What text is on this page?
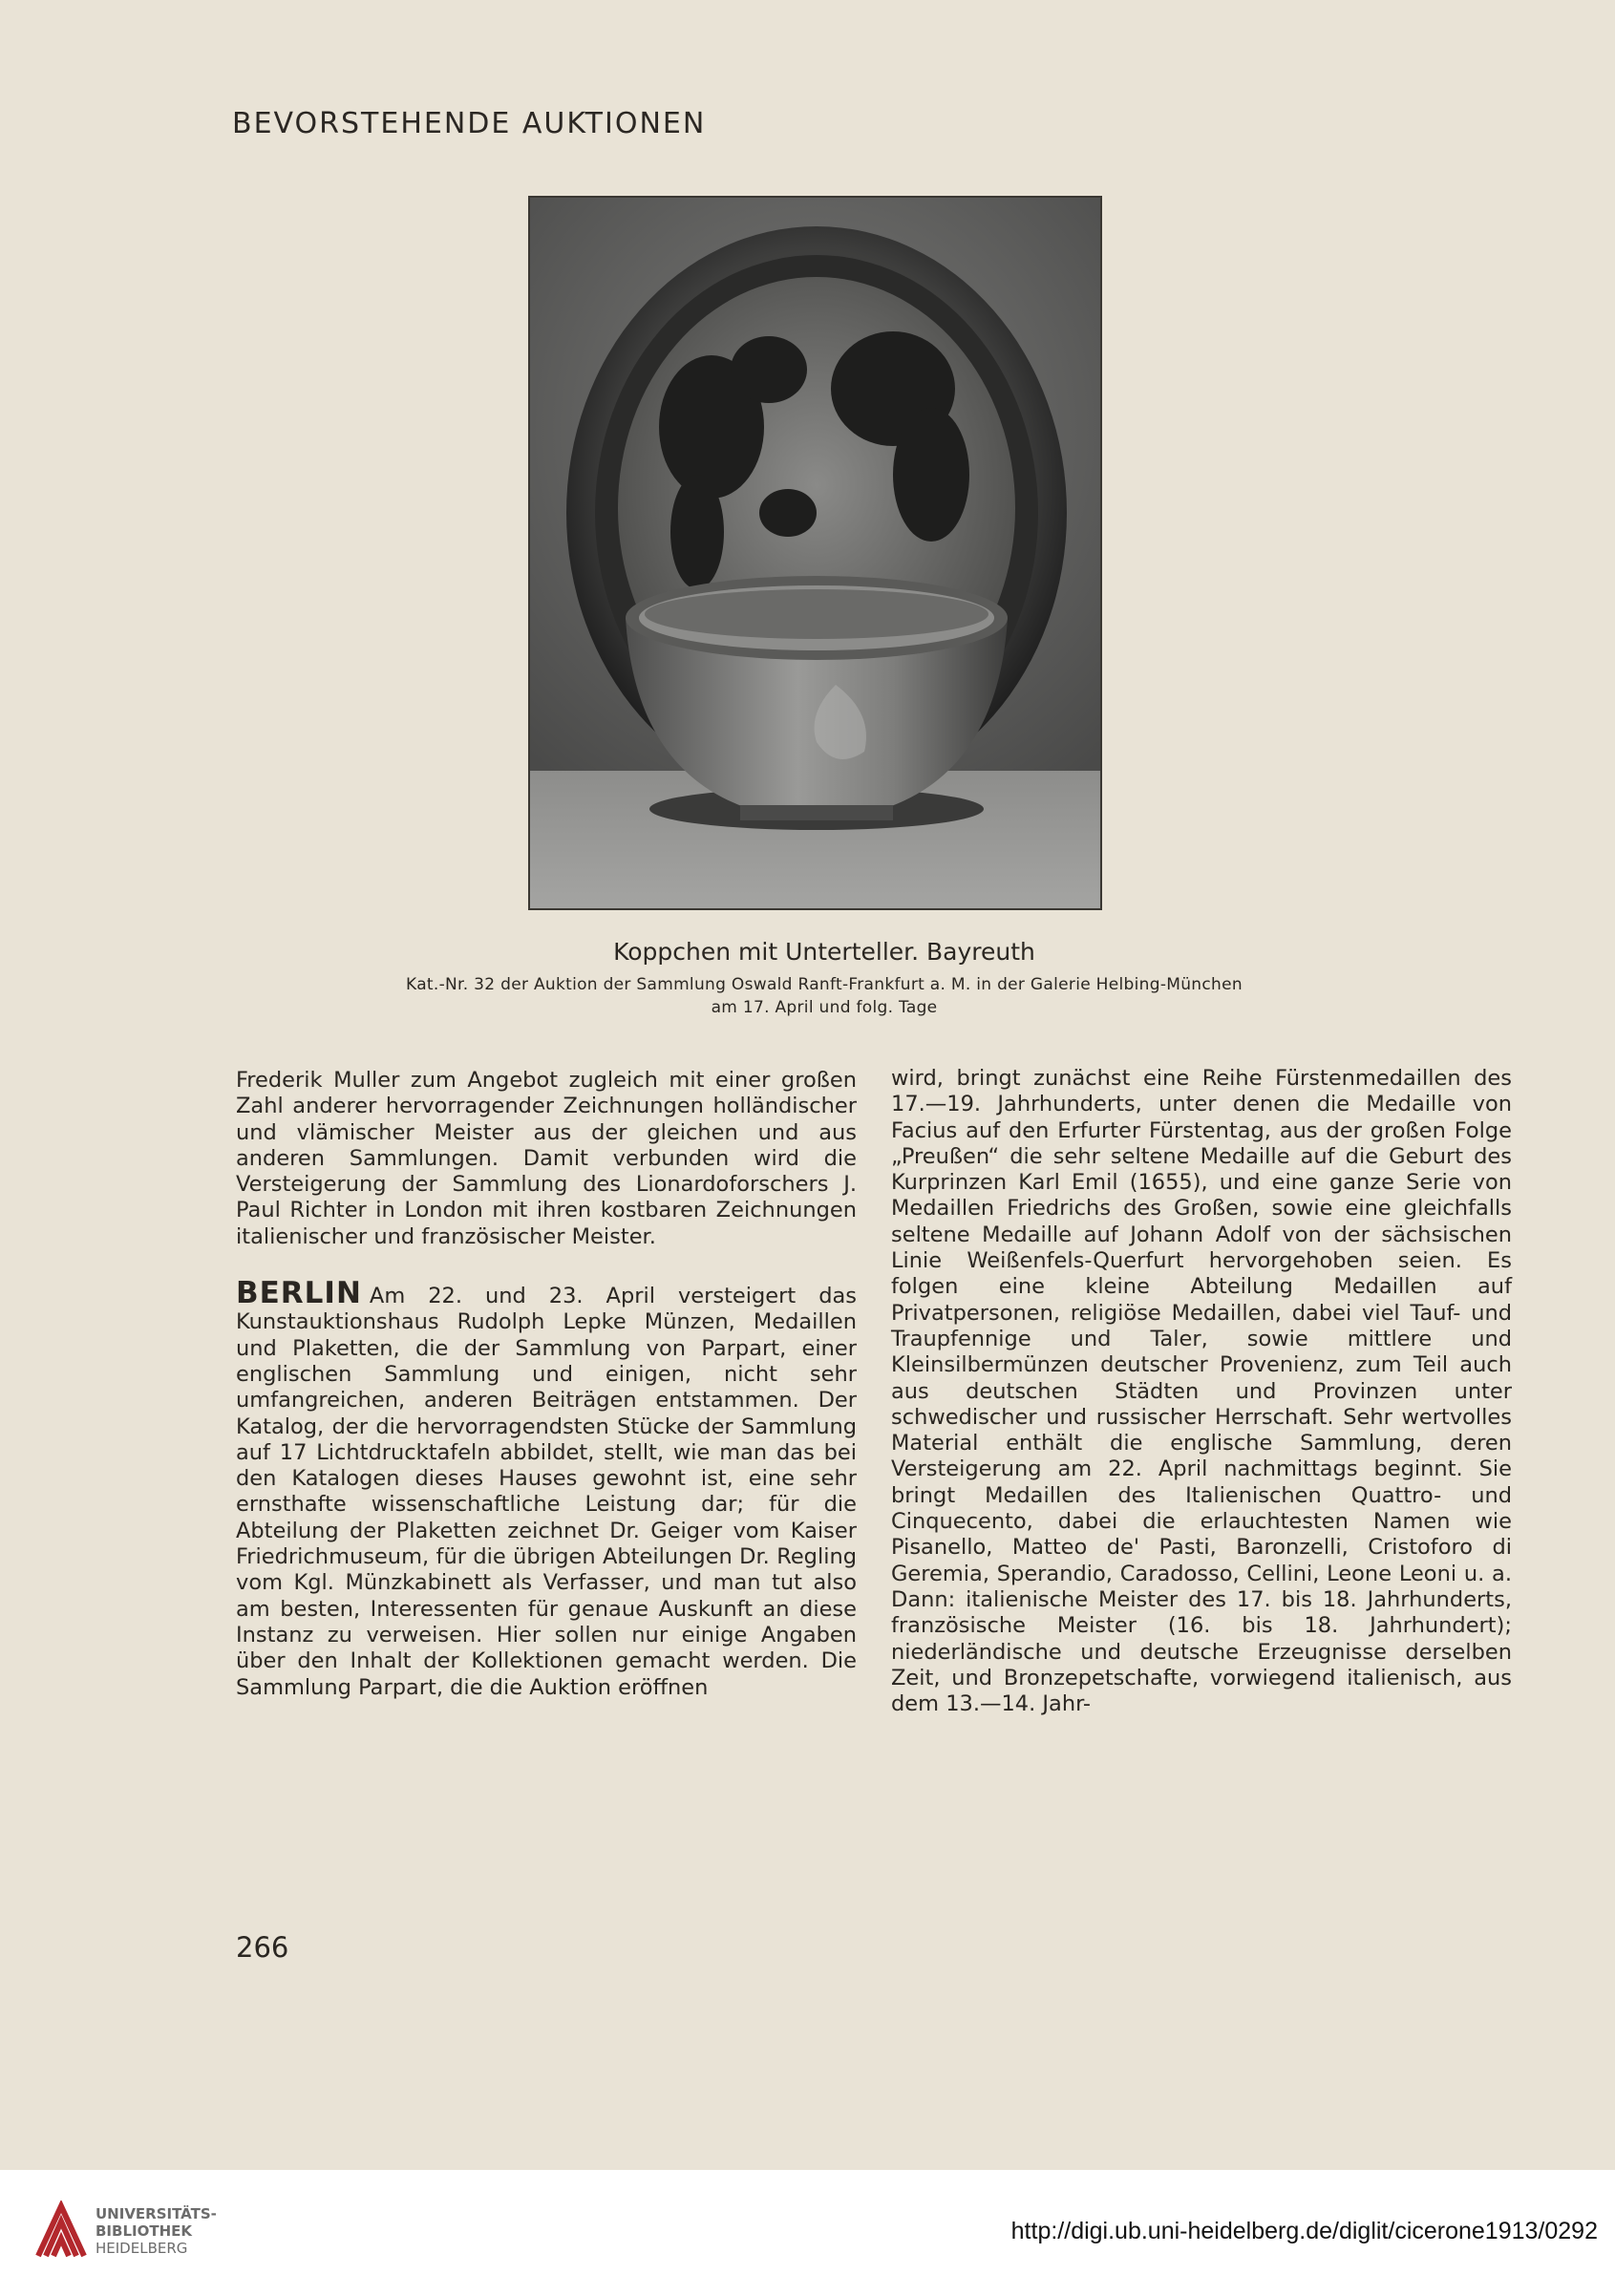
BEVORSTEHENDE AUKTIONEN

Koppchen mit Unterteller. Bayreuth

Kat.-Nr. 32 der Auktion der Sammlung Oswald Ranft-Frankfurt a. M. in der Galerie Helbing-München

am 17. April und folg. Tage

Frederik Muller zum Angebot zugleich mit einer großen Zahl anderer hervorragender Zeichnungen holländischer und vlämischer Meister aus der gleichen und aus anderen Sammlungen. Damit verbunden wird die Versteigerung der Sammlung des Lionardoforschers J. Paul Richter in London mit ihren kostbaren Zeichnungen italienischer und französischer Meister.

BERLIN Am 22. und 23. April versteigert das Kunstauktionshaus Rudolph Lepke Münzen, Medaillen und Plaketten, die der Sammlung von Parpart, einer englischen Sammlung und einigen, nicht sehr umfangreichen, anderen Beiträgen entstammen. Der Katalog, der die hervorragendsten Stücke der Sammlung auf 17 Lichtdrucktafeln abbildet, stellt, wie man das bei den Katalogen dieses Hauses gewohnt ist, eine sehr ernsthafte wissenschaftliche Leistung dar; für die Abteilung der Plaketten zeichnet Dr. Geiger vom Kaiser Friedrichmuseum, für die übrigen Abteilungen Dr. Regling vom Kgl. Münzkabinett als Verfasser, und man tut also am besten, Interessenten für genaue Auskunft an diese Instanz zu verweisen. Hier sollen nur einige Angaben über den Inhalt der Kollektionen gemacht werden. Die Sammlung Parpart, die die Auktion eröffnen

wird, bringt zunächst eine Reihe Fürstenmedaillen des 17.—19. Jahrhunderts, unter denen die Medaille von Facius auf den Erfurter Fürstentag, aus der großen Folge „Preußen“ die sehr seltene Medaille auf die Geburt des Kurprinzen Karl Emil (1655), und eine ganze Serie von Medaillen Friedrichs des Großen, sowie eine gleichfalls seltene Medaille auf Johann Adolf von der sächsischen Linie Weißenfels-Querfurt hervorgehoben seien. Es folgen eine kleine Abteilung Medaillen auf Privatpersonen, religiöse Medaillen, dabei viel Tauf- und Traupfennige und Taler, sowie mittlere und Kleinsilbermünzen deutscher Provenienz, zum Teil auch aus deutschen Städten und Provinzen unter schwedischer und russischer Herrschaft. Sehr wertvolles Material enthält die englische Sammlung, deren Versteigerung am 22. April nachmittags beginnt. Sie bringt Medaillen des Italienischen Quattro- und Cinquecento, dabei die erlauchtesten Namen wie Pisanello, Matteo de' Pasti, Baronzelli, Cristoforo di Geremia, Sperandio, Caradosso, Cellini, Leone Leoni u. a. Dann: italienische Meister des 17. bis 18. Jahrhunderts, französische Meister (16. bis 18. Jahrhundert); niederländische und deutsche Erzeugnisse derselben Zeit, und Bronzepetschafte, vorwiegend italienisch, aus dem 13.—14. Jahr-

266
UNIVERSITÄTS-
BIBLIOTHEK
HEIDELBERG
http://digi.ub.uni-heidelberg.de/diglit/cicerone1913/0292
